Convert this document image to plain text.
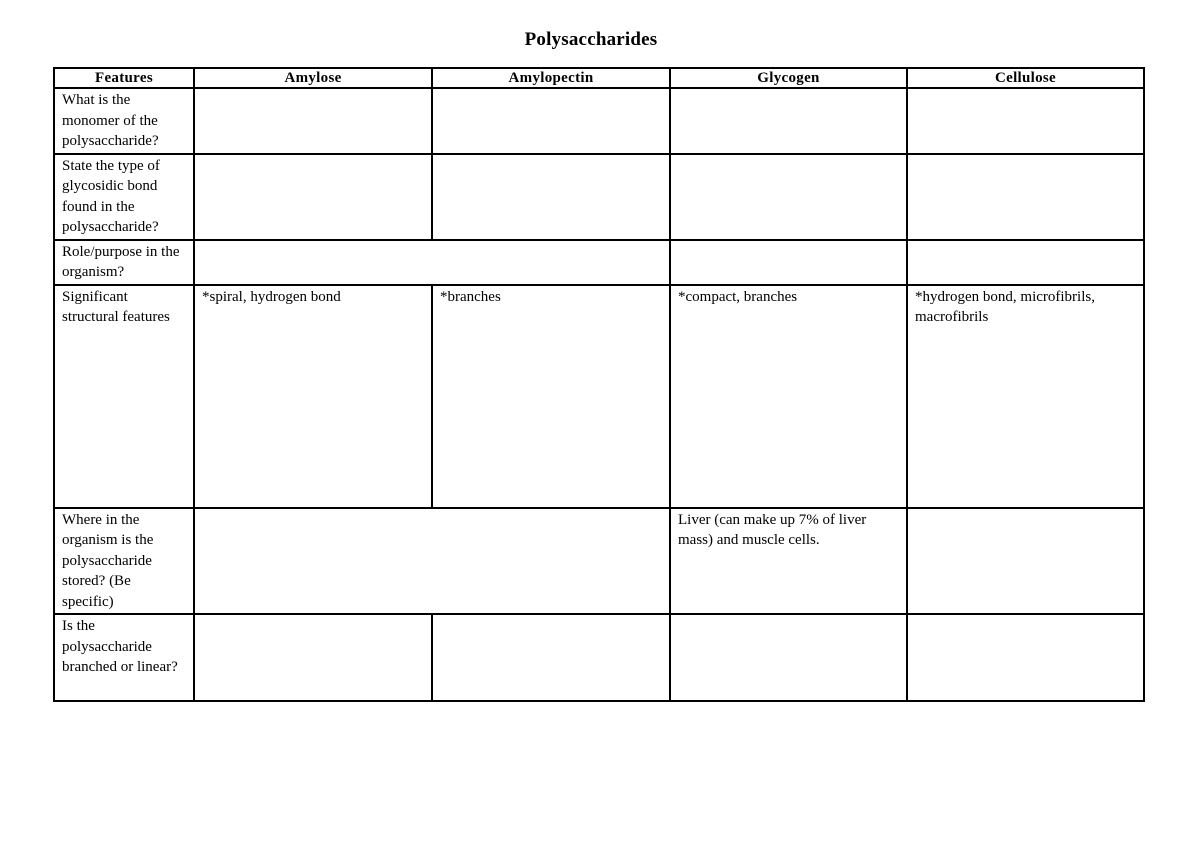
Polysaccharides
Features	Amylose	Amylopectin	Glycogen	Cellulose
What is the monomer of the polysaccharide?				
State the type of glycosidic bond found in the polysaccharide?				
Role/purpose in the organism?				
Significant structural features	*spiral, hydrogen bond	*branches	*compact, branches	*hydrogen bond, microfibrils, macrofibrils
Where in the organism is the polysaccharide stored? (Be specific)			Liver (can make up 7% of liver mass) and muscle cells.	
Is the polysaccharide branched or linear?				
